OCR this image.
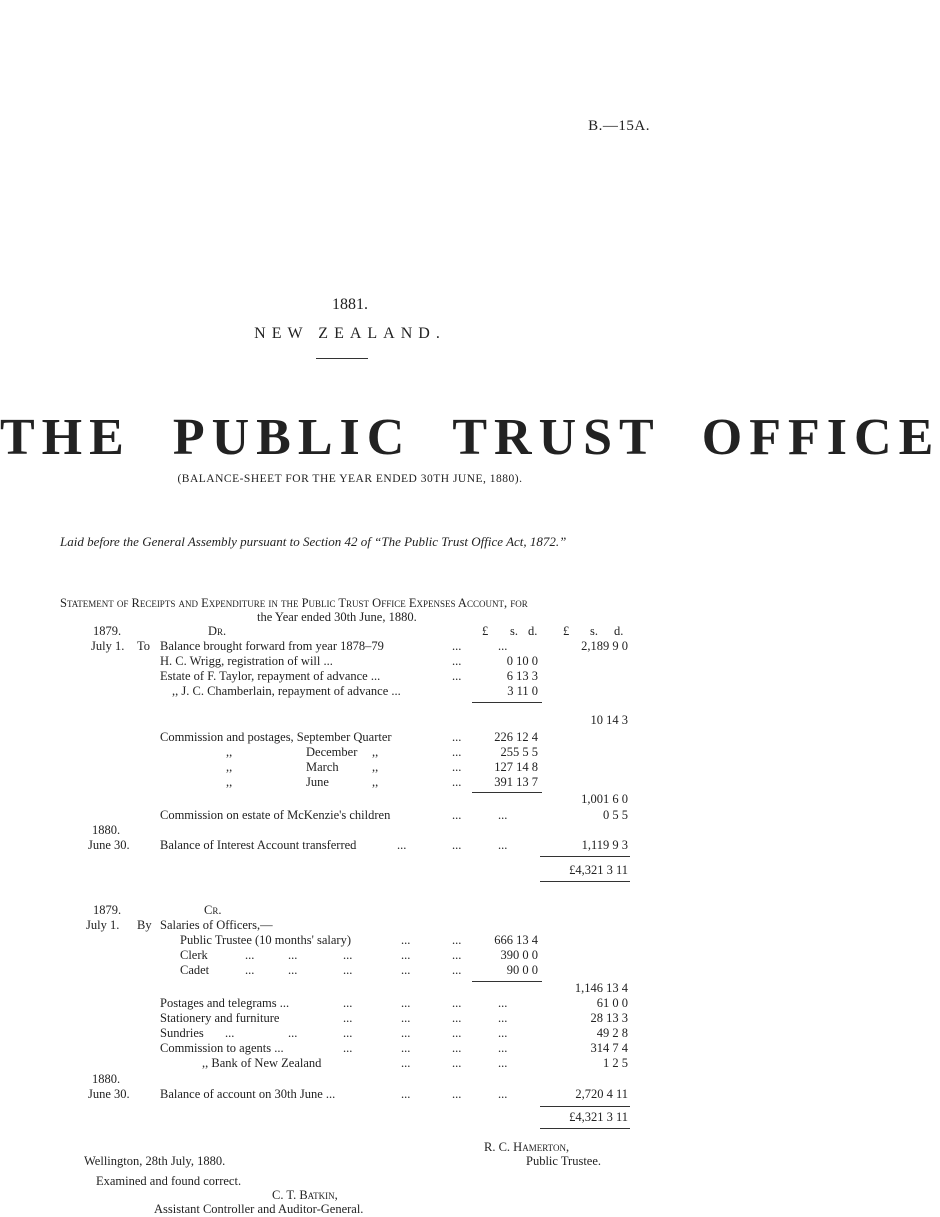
B.—15A.
1881.
NEW ZEALAND.
THE PUBLIC TRUST OFFICE
(BALANCE-SHEET FOR THE YEAR ENDED 30TH JUNE, 1880).
Laid before the General Assembly pursuant to Section 42 of “The Public Trust Office Act, 1872.”
Statement of Receipts and Expenditure in the Public Trust Office Expenses Account, for
the Year ended 30th June, 1880.
1879.	Dr.	£ s. d. £ s. d.
July 1. To Balance brought forward from year 1878–79	...	...	2,189 9 0
H. C. Wrigg, registration of will ...	...	0 10 0
Estate of F. Taylor, repayment of advance ...	...	6 13 3
,, J. C. Chamberlain, repayment of advance ...	3 11 0
10 14 3
Commission and postages, September Quarter	...	226 12 4
,,	December ,,	...	255 5 5
,,	March	,,	...	127 14 8
,,	June	,,	...	391 13 7
1,001 6 0
Commission on estate of McKenzie's children	...	...	0 5 5
1880.
June 30. Balance of Interest Account transferred	...	...	...	1,119 9 3
£4,321 3 11
1879.	Cr.
July 1. By Salaries of Officers,—
Public Trustee (10 months' salary)	...	...	666 13 4
Clerk	...	...	...	...	...	390 0 0
Cadet	...	...	...	...	...	90 0 0
1,146 13 4
Postages and telegrams ...	...	...	...	...	61 0 0
Stationery and furniture	...	...	...	...	28 13 3
Sundries ...	...	...	...	...	...	49 2 8
Commission to agents ...	...	...	...	...	314 7 4
,, Bank of New Zealand	...	...	...	1 2 5
1880.
June 30. Balance of account on 30th June ...	...	...	...	2,720 4 11
£4,321 3 11
R. C. Hamerton,
Wellington, 28th July, 1880.	Public Trustee.
Examined and found correct.
C. T. Batkin,
Assistant Controller and Auditor-General.
